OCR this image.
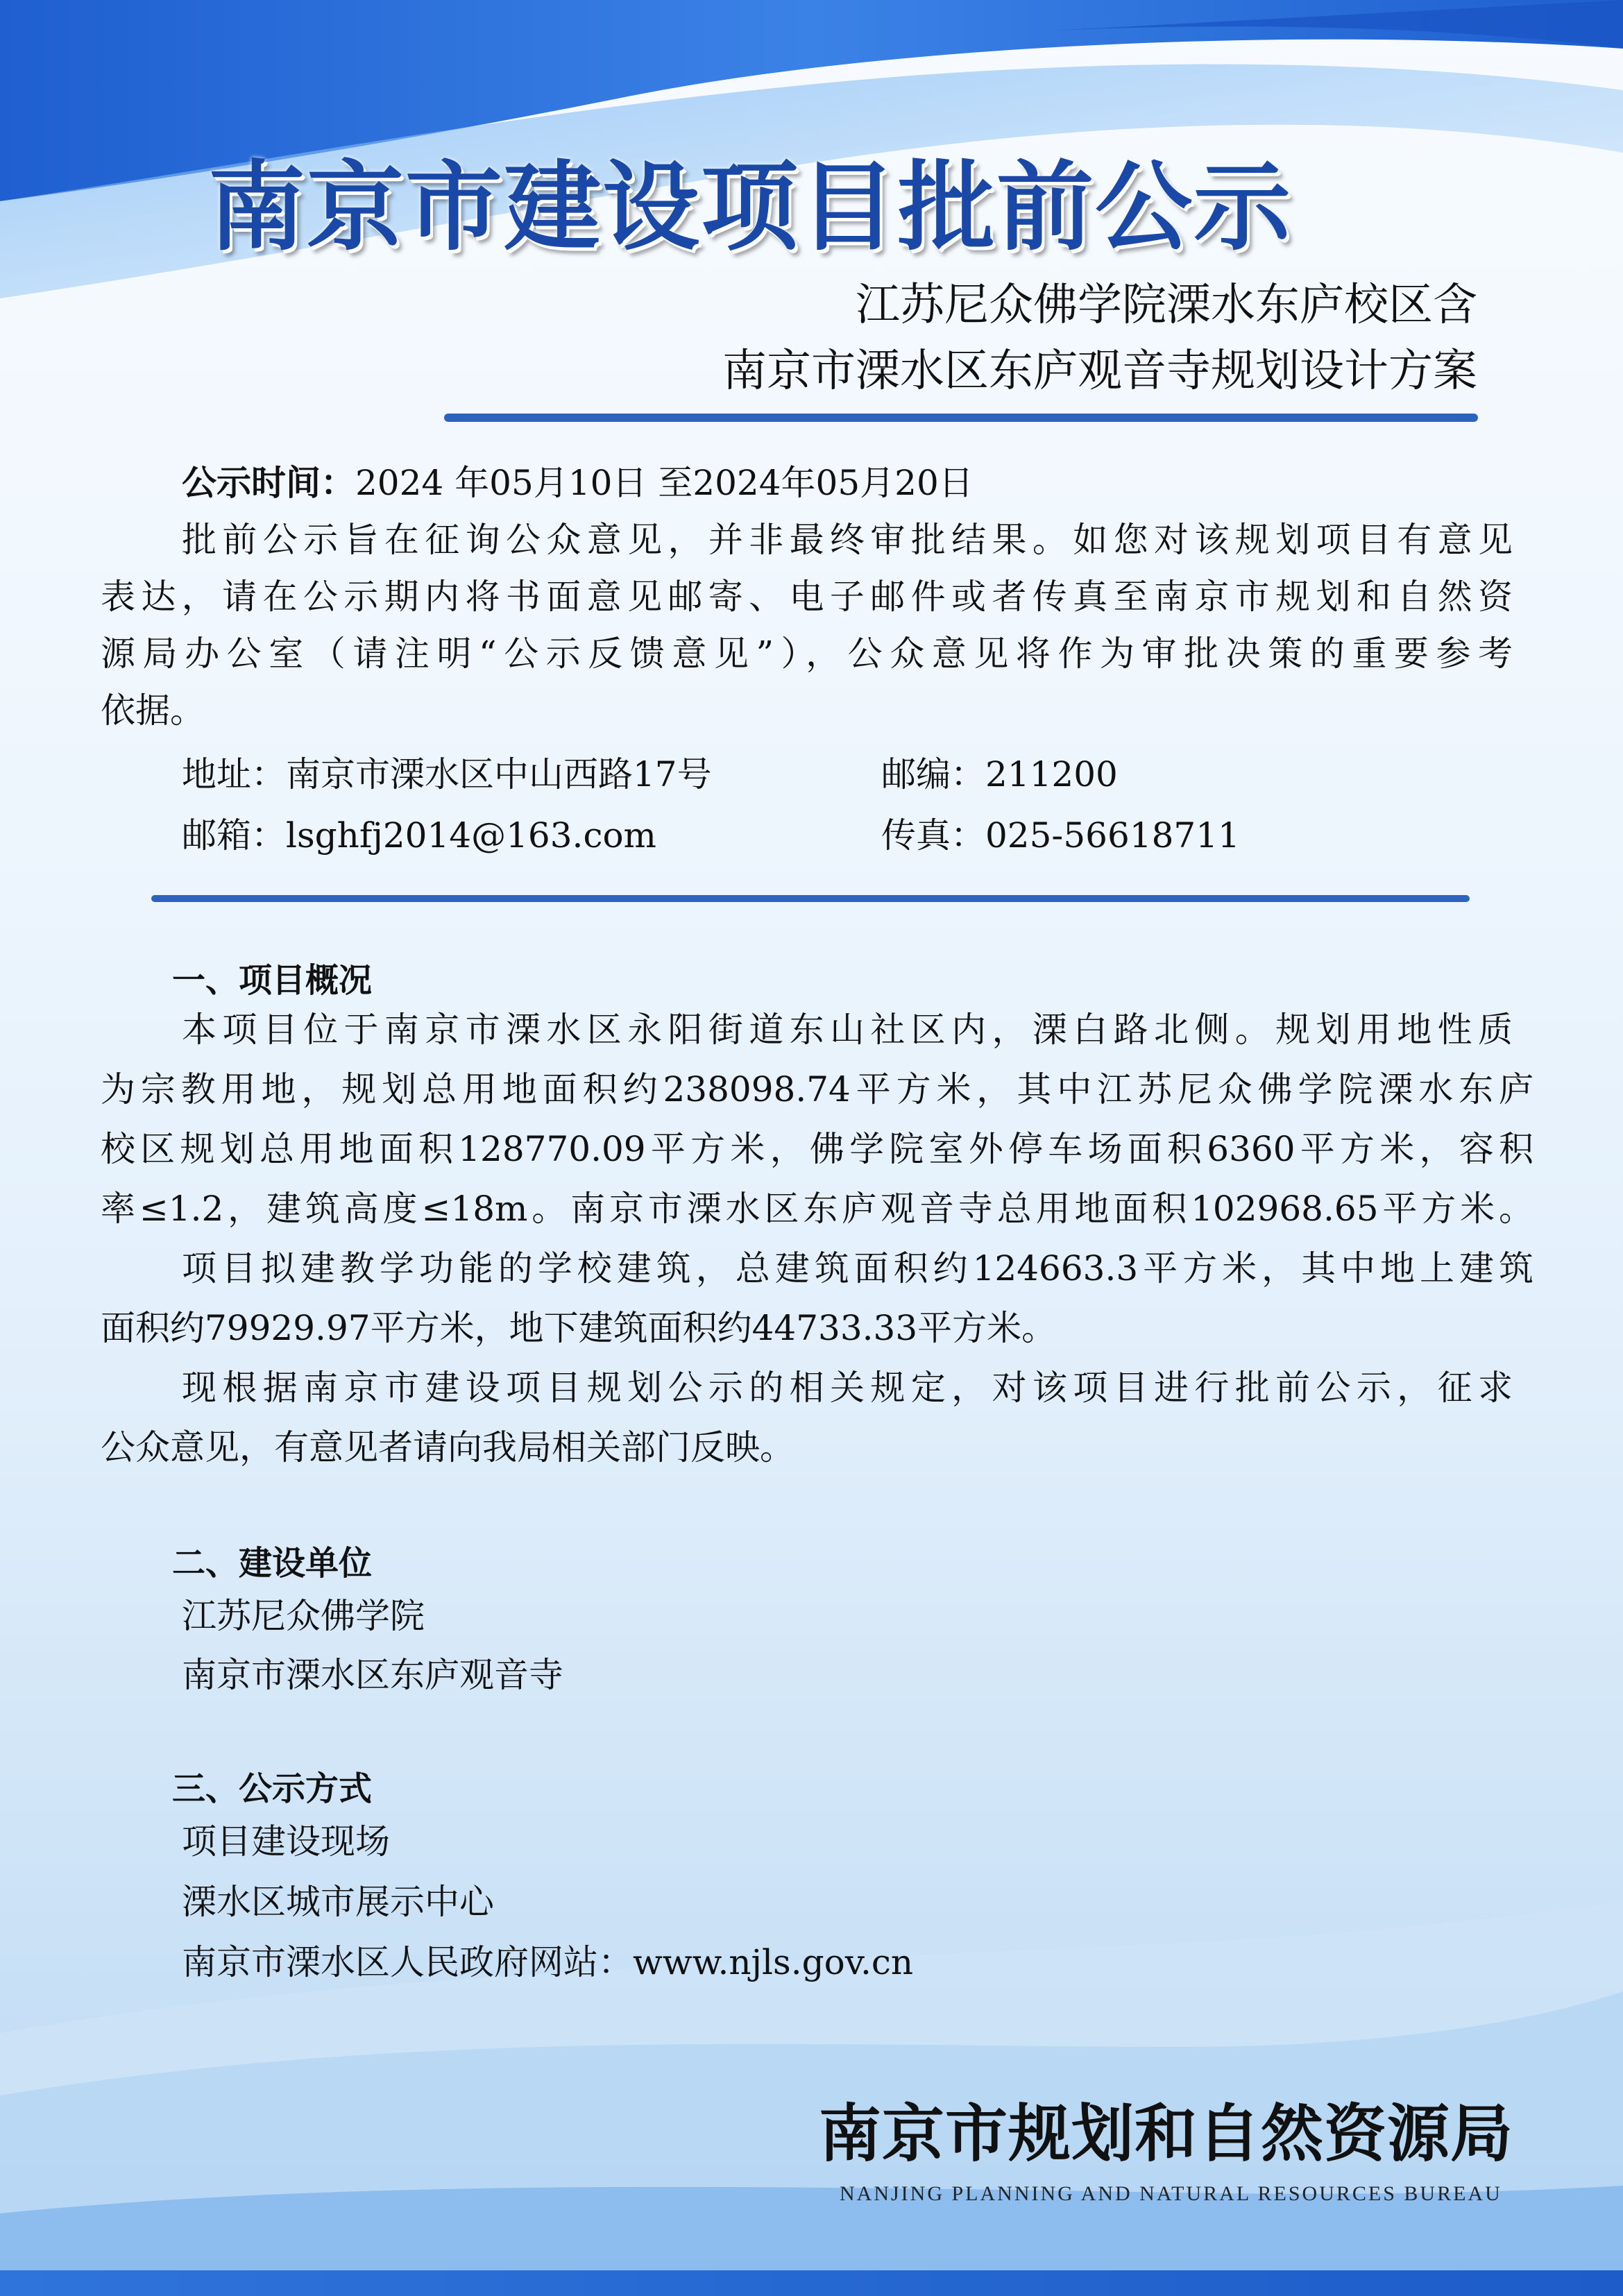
南京市建设项目批前公示
江苏尼众佛学院溧水东庐校区含
南京市溧水区东庐观音寺规划设计方案
公示时间：2024 年05月10日 至2024年05月20日
批前公示旨在征询公众意见，并非最终审批结果。如您对该规划项目有意见
表达，请在公示期内将书面意见邮寄、电子邮件或者传真至南京市规划和自然资
源局办公室（请注明“公示反馈意见”），公众意见将作为审批决策的重要参考
依据。
地址：南京市溧水区中山西路17号	邮编：211200
邮箱：lsghfj2014@163.com	传真：025-56618711
一、项目概况
本项目位于南京市溧水区永阳街道东山社区内，溧白路北侧。规划用地性质
为宗教用地，规划总用地面积约238098.74平方米，其中江苏尼众佛学院溧水东庐
校区规划总用地面积128770.09平方米，佛学院室外停车场面积6360平方米，容积
率≤1.2，建筑高度≤18m。南京市溧水区东庐观音寺总用地面积102968.65平方米。
项目拟建教学功能的学校建筑，总建筑面积约124663.3平方米，其中地上建筑
面积约79929.97平方米，地下建筑面积约44733.33平方米。
现根据南京市建设项目规划公示的相关规定，对该项目进行批前公示，征求
公众意见，有意见者请向我局相关部门反映。
二、建设单位
江苏尼众佛学院
南京市溧水区东庐观音寺
三、公示方式
项目建设现场
溧水区城市展示中心
南京市溧水区人民政府网站：www.njls.gov.cn
南京市规划和自然资源局
NANJING PLANNING AND NATURAL RESOURCES BUREAU
